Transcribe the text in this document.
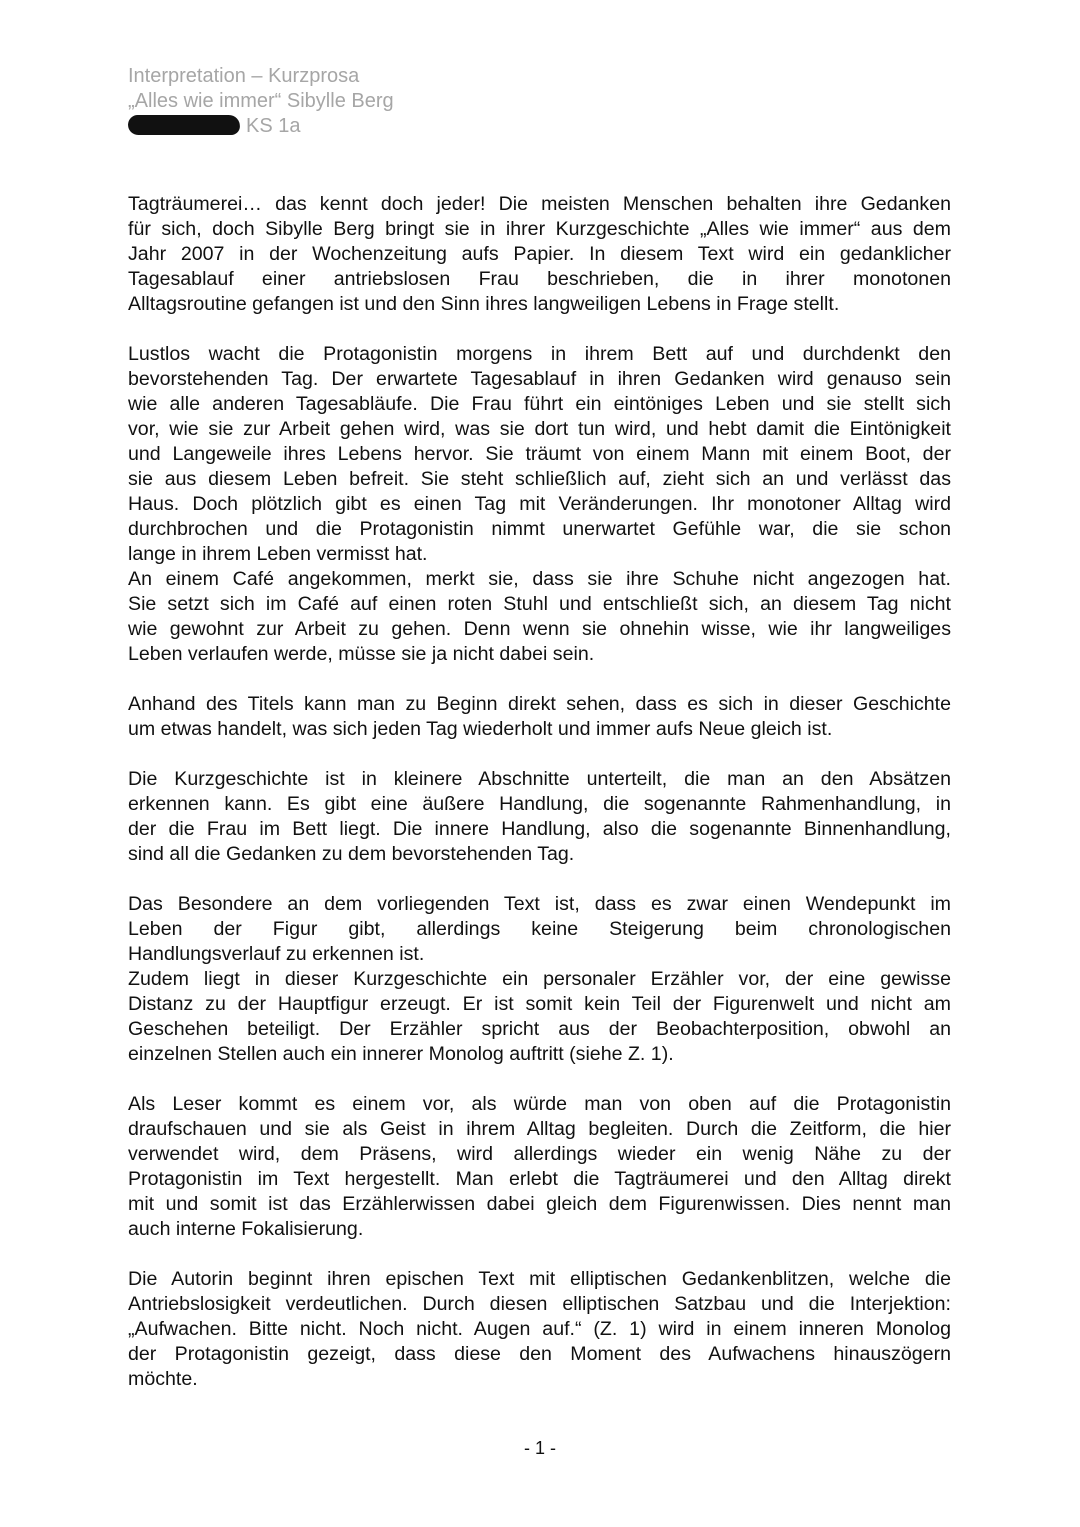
Interpretation – Kurzprosa
„Alles wie immer“ Sibylle Berg
KS 1a
Tagträumerei… das kennt doch jeder! Die meisten Menschen behalten ihre Gedanken
für sich, doch Sibylle Berg bringt sie in ihrer Kurzgeschichte „Alles wie immer“ aus dem
Jahr 2007 in der Wochenzeitung aufs Papier. In diesem Text wird ein gedanklicher
Tagesablauf einer antriebslosen Frau beschrieben, die in ihrer monotonen
Alltagsroutine gefangen ist und den Sinn ihres langweiligen Lebens in Frage stellt.
Lustlos wacht die Protagonistin morgens in ihrem Bett auf und durchdenkt den
bevorstehenden Tag. Der erwartete Tagesablauf in ihren Gedanken wird genauso sein
wie alle anderen Tagesabläufe. Die Frau führt ein eintöniges Leben und sie stellt sich
vor, wie sie zur Arbeit gehen wird, was sie dort tun wird, und hebt damit die Eintönigkeit
und Langeweile ihres Lebens hervor. Sie träumt von einem Mann mit einem Boot, der
sie aus diesem Leben befreit. Sie steht schließlich auf, zieht sich an und verlässt das
Haus. Doch plötzlich gibt es einen Tag mit Veränderungen. Ihr monotoner Alltag wird
durchbrochen und die Protagonistin nimmt unerwartet Gefühle war, die sie schon
lange in ihrem Leben vermisst hat.
An einem Café angekommen, merkt sie, dass sie ihre Schuhe nicht angezogen hat.
Sie setzt sich im Café auf einen roten Stuhl und entschließt sich, an diesem Tag nicht
wie gewohnt zur Arbeit zu gehen. Denn wenn sie ohnehin wisse, wie ihr langweiliges
Leben verlaufen werde, müsse sie ja nicht dabei sein.
Anhand des Titels kann man zu Beginn direkt sehen, dass es sich in dieser Geschichte
um etwas handelt, was sich jeden Tag wiederholt und immer aufs Neue gleich ist.
Die Kurzgeschichte ist in kleinere Abschnitte unterteilt, die man an den Absätzen
erkennen kann. Es gibt eine äußere Handlung, die sogenannte Rahmenhandlung, in
der die Frau im Bett liegt. Die innere Handlung, also die sogenannte Binnenhandlung,
sind all die Gedanken zu dem bevorstehenden Tag.
Das Besondere an dem vorliegenden Text ist, dass es zwar einen Wendepunkt im
Leben der Figur gibt, allerdings keine Steigerung beim chronologischen
Handlungsverlauf zu erkennen ist.
Zudem liegt in dieser Kurzgeschichte ein personaler Erzähler vor, der eine gewisse
Distanz zu der Hauptfigur erzeugt. Er ist somit kein Teil der Figurenwelt und nicht am
Geschehen beteiligt. Der Erzähler spricht aus der Beobachterposition, obwohl an
einzelnen Stellen auch ein innerer Monolog auftritt (siehe Z. 1).
Als Leser kommt es einem vor, als würde man von oben auf die Protagonistin
draufschauen und sie als Geist in ihrem Alltag begleiten. Durch die Zeitform, die hier
verwendet wird, dem Präsens, wird allerdings wieder ein wenig Nähe zu der
Protagonistin im Text hergestellt. Man erlebt die Tagträumerei und den Alltag direkt
mit und somit ist das Erzählerwissen dabei gleich dem Figurenwissen. Dies nennt man
auch interne Fokalisierung.
Die Autorin beginnt ihren epischen Text mit elliptischen Gedankenblitzen, welche die
Antriebslosigkeit verdeutlichen. Durch diesen elliptischen Satzbau und die Interjektion:
„Aufwachen. Bitte nicht. Noch nicht. Augen auf.“ (Z. 1) wird in einem inneren Monolog
der Protagonistin gezeigt, dass diese den Moment des Aufwachens hinauszögern
möchte.
- 1 -
